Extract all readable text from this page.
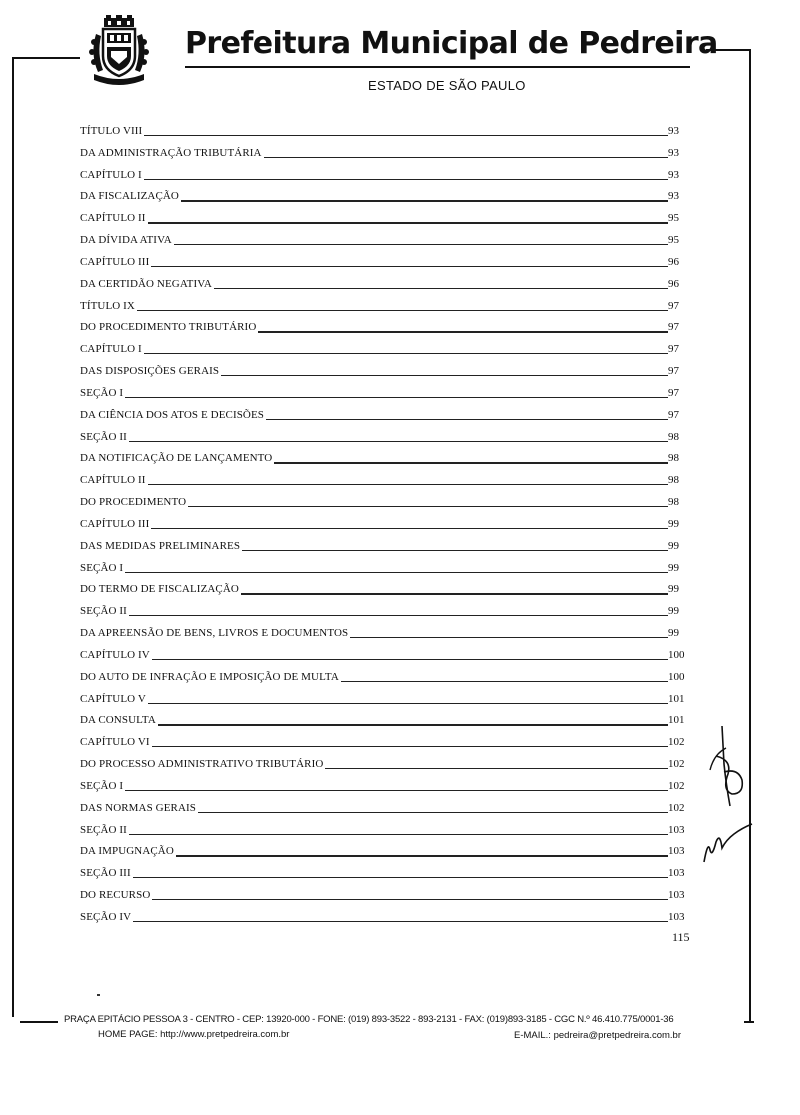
Prefeitura Municipal de Pedreira
ESTADO DE SÃO PAULO
TÍTULO VIII	93
DA ADMINISTRAÇÃO TRIBUTÁRIA	93
CAPÍTULO I	93
DA FISCALIZAÇÃO	93
CAPÍTULO II	95
DA DÍVIDA ATIVA	95
CAPÍTULO III	96
DA CERTIDÃO NEGATIVA	96
TÍTULO IX	97
DO PROCEDIMENTO TRIBUTÁRIO	97
CAPÍTULO I	97
DAS DISPOSIÇÕES GERAIS	97
SEÇÃO I	97
DA CIÊNCIA DOS ATOS E DECISÕES	97
SEÇÃO II	98
DA NOTIFICAÇÃO DE LANÇAMENTO	98
CAPÍTULO II	98
DO PROCEDIMENTO	98
CAPÍTULO III	99
DAS MEDIDAS PRELIMINARES	99
SEÇÃO I	99
DO TERMO DE FISCALIZAÇÃO	99
SEÇÃO II	99
DA APREENSÃO DE BENS, LIVROS E DOCUMENTOS	99
CAPÍTULO IV	100
DO AUTO DE INFRAÇÃO E IMPOSIÇÃO DE MULTA	100
CAPÍTULO V	101
DA CONSULTA	101
CAPÍTULO VI	102
DO PROCESSO ADMINISTRATIVO TRIBUTÁRIO	102
SEÇÃO I	102
DAS NORMAS GERAIS	102
SEÇÃO II	103
DA IMPUGNAÇÃO	103
SEÇÃO III	103
DO RECURSO	103
SEÇÃO IV	103
115
PRAÇA EPITÁCIO PESSOA 3 - CENTRO - CEP: 13920-000 - FONE: (019) 893-3522 - 893-2131 - FAX: (019)893-3185 - CGC N.º 46.410.775/0001-36
HOME PAGE: http://www.pretpedreira.com.br	E-MAIL.: pedreira@pretpedreira.com.br
